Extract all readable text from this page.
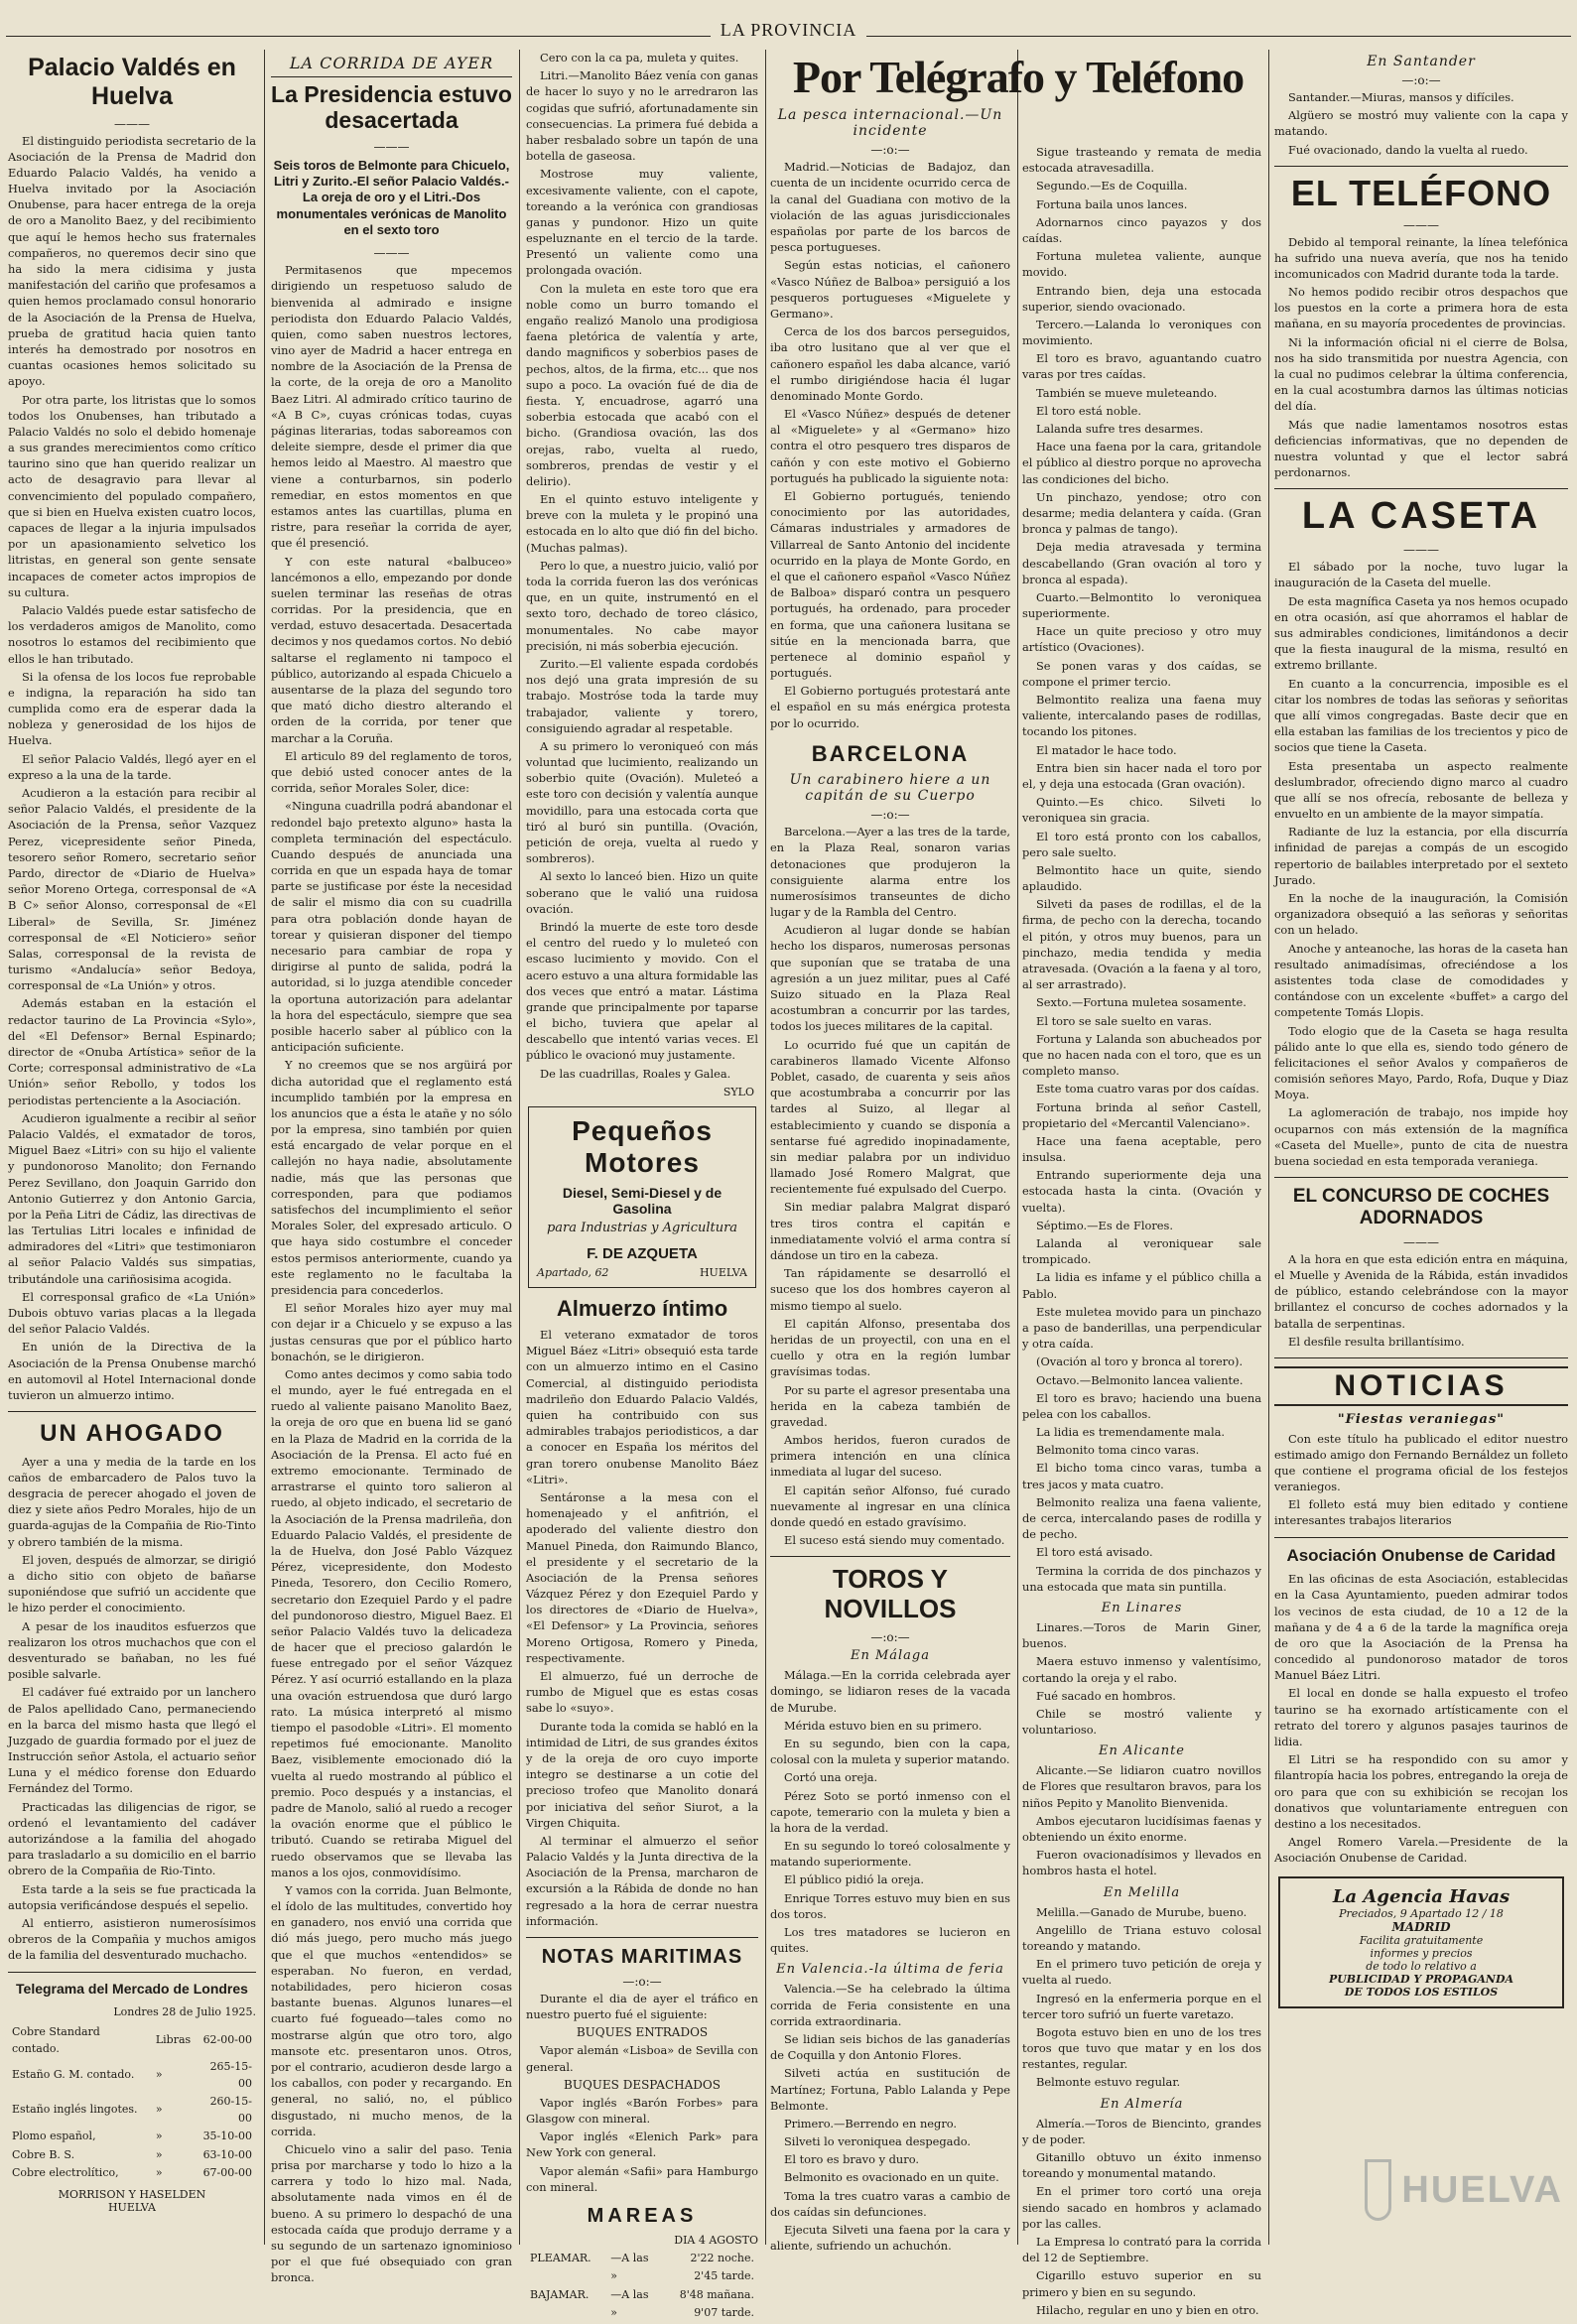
LA PROVINCIA
Palacio Valdés en Huelva
———

El distinguido periodista secretario de la Asociación de la Prensa de Madrid don Eduardo Palacio Valdés, ha venido a Huelva invitado por la Asociación Onubense, para hacer entrega de la oreja de oro a Manolito Baez, y del recibimiento que aquí le hemos hecho sus fraternales compañeros, no queremos decir sino que ha sido la mera cidisima y justa manifestación del cariño que profesamos a quien hemos proclamado consul honorario de la Asociación de la Prensa de Huelva, prueba de gratitud hacia quien tanto interés ha demostrado por nosotros en cuantas ocasiones hemos solicitado su apoyo.

Por otra parte, los litristas que lo somos todos los Onubenses, han tributado a Palacio Valdés no solo el debido homenaje a sus grandes merecimientos como crítico taurino sino que han querido realizar un acto de desagravio para llevar al convencimiento del populado compañero, que si bien en Huelva existen cuatro locos, capaces de llegar a la injuria impulsados por un apasionamiento selvetico los litristas, en general son gente sensate incapaces de cometer actos impropios de su cultura.

Palacio Valdés puede estar satisfecho de los verdaderos amigos de Manolito, como nosotros lo estamos del recibimiento que ellos le han tributado.

Si la ofensa de los locos fue reprobable e indigna, la reparación ha sido tan cumplida como era de esperar dada la nobleza y generosidad de los hijos de Huelva.

El señor Palacio Valdés, llegó ayer en el expreso a la una de la tarde.

Acudieron a la estación para recibir al señor Palacio Valdés, el presidente de la Asociación de la Prensa, señor Vazquez Perez, vicepresidente señor Pineda, tesorero señor Romero, secretario señor Pardo, director de «Diario de Huelva» señor Moreno Ortega, corresponsal de «A B C» señor Alonso, corresponsal de «El Liberal» de Sevilla, Sr. Jiménez corresponsal de «El Noticiero» señor Salas, corresponsal de la revista de turismo «Andalucía» señor Bedoya, corresponsal de «La Unión» y otros.

Además estaban en la estación el redactor taurino de La Provincia «Sylo», del «El Defensor» Bernal Espinardo; director de «Onuba Artística» señor de la Corte; corresponsal administrativo de «La Unión» señor Rebollo, y todos los periodistas pertenciente a la Asociación.

Acudieron igualmente a recibir al señor Palacio Valdés, el exmatador de toros, Miguel Baez «Litri» con su hijo el valiente y pundonoroso Manolito; don Fernando Perez Sevillano, don Joaquin Garrido don Antonio Gutierrez y don Antonio Garcia, por la Peña Litri de Cádiz, las directivas de las Tertulias Litri locales e infinidad de admiradores del «Litri» que testimoniaron al señor Palacio Valdés sus simpatias, tributándole una cariñosisima acogida.

El corresponsal grafico de «La Unión» Dubois obtuvo varias placas a la llegada del señor Palacio Valdés.

En unión de la Directiva de la Asociación de la Prensa Onubense marchó en automovil al Hotel Internacional donde tuvieron un almuerzo intimo.

UN AHOGADO

Ayer a una y media de la tarde en los caños de embarcadero de Palos tuvo la desgracia de perecer ahogado el joven de diez y siete años Pedro Morales, hijo de un guarda-agujas de la Compañia de Rio-Tinto y obrero también de la misma.

El joven, después de almorzar, se dirigió a dicho sitio con objeto de bañarse suponiéndose que sufrió un accidente que le hizo perder el conocimiento.

A pesar de los inauditos esfuerzos que realizaron los otros muchachos que con el desventurado se bañaban, no les fué posible salvarle.

El cadáver fué extraido por un lanchero de Palos apellidado Cano, permaneciendo en la barca del mismo hasta que llegó el Juzgado de guardia formado por el juez de Instrucción señor Astola, el actuario señor Luna y el médico forense don Eduardo Fernández del Tormo.

Practicadas las diligencias de rigor, se ordenó el levantamiento del cadáver autorizándose a la familia del ahogado para trasladarlo a su domicilio en el barrio obrero de la Compañia de Rio-Tinto.

Esta tarde a la seis se fue practicada la autopsia verificándose después el sepelio.

Al entierro, asistieron numerosísimos obreros de la Compañia y muchos amigos de la familia del desventurado muchacho.

Telegrama del Mercado de Londres
Londres 28 de Julio 1925.
Cobre Standard contado.	Libras	62-00-00
Estaño G. M. contado.	»	265-15-00
Estaño inglés lingotes.	»	260-15-00
Plomo español,	»	35-10-00
Cobre B. S.	»	63-10-00
Cobre electrolítico,	»	67-00-00
MORRISON Y HASELDEN
HUELVA
LA CORRIDA DE AYER
La Presidencia estuvo desacertada
———
Seis toros de Belmonte para Chicuelo, Litri y Zurito.-El señor Palacio Valdés.-La oreja de oro y el Litri.-Dos monumentales verónicas de Manolito en el sexto toro
———

Permitasenos que mpecemos dirigiendo un respetuoso saludo de bienvenida al admirado e insigne periodista don Eduardo Palacio Valdés, quien, como saben nuestros lectores, vino ayer de Madrid a hacer entrega en nombre de la Asociación de la Prensa de la corte, de la oreja de oro a Manolito Baez Litri. Al admirado crítico taurino de «A B C», cuyas crónicas todas, cuyas páginas literarias, todas saboreamos con deleite siempre, desde el primer dia que hemos leido al Maestro. Al maestro que viene a conturbarnos, sin poderlo remediar, en estos momentos en que estamos antes las cuartillas, pluma en ristre, para reseñar la corrida de ayer, que él presenció.

Y con este natural «balbuceo» lancémonos a ello, empezando por donde suelen terminar las reseñas de otras corridas. Por la presidencia, que en verdad, estuvo desacertada. Desacertada decimos y nos quedamos cortos. No debió saltarse el reglamento ni tampoco el público, autorizando al espada Chicuelo a ausentarse de la plaza del segundo toro que mató dicho diestro alterando el orden de la corrida, por tener que marchar a la Coruña.

El articulo 89 del reglamento de toros, que debió usted conocer antes de la corrida, señor Morales Soler, dice:

«Ninguna cuadrilla podrá abandonar el redondel bajo pretexto alguno» hasta la completa terminación del espectáculo. Cuando después de anunciada una corrida en que un espada haya de tomar parte se justificase por éste la necesidad de salir el mismo dia con su cuadrilla para otra población donde hayan de torear y quisieran disponer del tiempo necesario para cambiar de ropa y dirigirse al punto de salida, podrá la autoridad, si lo juzga atendible conceder la oportuna autorización para adelantar la hora del espectáculo, siempre que sea posible hacerlo saber al público con la anticipación suficiente.

Y no creemos que se nos argüirá por dicha autoridad que el reglamento está incumplido también por la empresa en los anuncios que a ésta le atañe y no sólo por la empresa, sino también por quien está encargado de velar porque en el callejón no haya nadie, absolutamente nadie, más que las personas que corresponden, para que podiamos satisfechos del incumplimiento el señor Morales Soler, del expresado articulo. O que haya sido costumbre el conceder estos permisos anteriormente, cuando ya este reglamento no le facultaba la presidencia para concederlos.

El señor Morales hizo ayer muy mal con dejar ir a Chicuelo y se expuso a las justas censuras que por el público harto bonachón, se le dirigieron.

Como antes decimos y como sabia todo el mundo, ayer le fué entregada en el ruedo al valiente paisano Manolito Baez, la oreja de oro que en buena lid se ganó en la Plaza de Madrid en la corrida de la Asociación de la Prensa. El acto fué en extremo emocionante. Terminado de arrastrarse el quinto toro salieron al ruedo, al objeto indicado, el secretario de la Asociación de la Prensa madrileña, don Eduardo Palacio Valdés, el presidente de la de Huelva, don José Pablo Vázquez Pérez, vicepresidente, don Modesto Pineda, Tesorero, don Cecilio Romero, secretario don Ezequiel Pardo y el padre del pundonoroso diestro, Miguel Baez. El señor Palacio Valdés tuvo la delicadeza de hacer que el precioso galardón le fuese entregado por el señor Vázquez Pérez. Y así ocurrió estallando en la plaza una ovación estruendosa que duró largo rato. La música interpretó al mismo tiempo el pasodoble «Litri». El momento repetimos fué emocionante. Manolito Baez, visiblemente emocionado dió la vuelta al ruedo mostrando al público el premio. Poco después y a instancias, el padre de Manolo, salió al ruedo a recoger la ovación enorme que el público le tributó. Cuando se retiraba Miguel del ruedo observamos que se llevaba las manos a los ojos, conmovidísimo.

Y vamos con la corrida. Juan Belmonte, el ídolo de las multitudes, convertido hoy en ganadero, nos envió una corrida que dió más juego, pero mucho más juego que el que muchos «entendidos» se esperaban. No fueron, en verdad, notabilidades, pero hicieron cosas bastante buenas. Algunos lunares—el cuarto fué fogueado—tales como no mostrarse algún que otro toro, algo mansote etc. presentaron unos. Otros, por el contrario, acudieron desde largo a los caballos, con poder y recargando. En general, no salió, no, el público disgustado, ni mucho menos, de la corrida.

Chicuelo vino a salir del paso. Tenia prisa por marcharse y todo lo hizo a la carrera y todo lo hizo mal. Nada, absolutamente nada vimos en él de bueno. A su primero lo despachó de una estocada caída que produjo derrame y a su segundo de un sartenazo ignominioso por el que fué obsequiado con gran bronca.

Cero con la ca pa, muleta y quites.

Litri.—Manolito Báez venía con ganas de hacer lo suyo y no le arredraron las cogidas que sufrió, afortunadamente sin consecuencias. La primera fué debida a haber resbalado sobre un tapón de una botella de gaseosa.

Mostrose muy valiente, excesivamente valiente, con el capote, toreando a la verónica con grandiosas ganas y pundonor. Hizo un quite espeluznante en el tercio de la tarde. Presentó un valiente como una prolongada ovación.

Con la muleta en este toro que era noble como un burro tomando el engaño realizó Manolo una prodigiosa faena pletórica de valentía y arte, dando magnificos y soberbios pases de pechos, altos, de la firma, etc... que nos supo a poco. La ovación fué de dia de fiesta. Y, encuadrose, agarró una soberbia estocada que acabó con el bicho. (Grandiosa ovación, las dos orejas, rabo, vuelta al ruedo, sombreros, prendas de vestir y el delirio).

En el quinto estuvo inteligente y breve con la muleta y le propinó una estocada en lo alto que dió fin del bicho. (Muchas palmas).

Pero lo que, a nuestro juicio, valió por toda la corrida fueron las dos verónicas que, en un quite, instrumentó en el sexto toro, dechado de toreo clásico, monumentales. No cabe mayor precisión, ni más soberbia ejecución.

Zurito.—El valiente espada cordobés nos dejó una grata impresión de su trabajo. Mostróse toda la tarde muy trabajador, valiente y torero, consiguiendo agradar al respetable.

A su primero lo veroniqueó con más voluntad que lucimiento, realizando un soberbio quite (Ovación). Muleteó a este toro con decisión y valentía aunque movidillo, para una estocada corta que tiró al buró sin puntilla. (Ovación, petición de oreja, vuelta al ruedo y sombreros).

Al sexto lo lanceó bien. Hizo un quite soberano que le valió una ruidosa ovación.

Brindó la muerte de este toro desde el centro del ruedo y lo muleteó con escaso lucimiento y movido. Con el acero estuvo a una altura formidable las dos veces que entró a matar. Lástima grande que principalmente por taparse el bicho, tuviera que apelar al descabello que intentó varias veces. El público le ovacionó muy justamente.

De las cuadrillas, Roales y Galea.

SYLO
Pequeños Motores
Diesel, Semi-Diesel y de Gasolina
para Industrias y Agricultura
F. DE AZQUETA
Apartado, 62	HUELVA
Almuerzo íntimo

El veterano exmatador de toros Miguel Báez «Litri» obsequió esta tarde con un almuerzo intimo en el Casino Comercial, al distinguido periodista madrileño don Eduardo Palacio Valdés, quien ha contribuido con sus admirables trabajos periodisticos, a dar a conocer en España los méritos del gran torero onubense Manolito Báez «Litri».

Sentáronse a la mesa con el homenajeado y el anfitrión, el apoderado del valiente diestro don Manuel Pineda, don Raimundo Blanco, el presidente y el secretario de la Asociación de la Prensa señores Vázquez Pérez y don Ezequiel Pardo y los directores de «Diario de Huelva», «El Defensor» y La Provincia, señores Moreno Ortigosa, Romero y Pineda, respectivamente.

El almuerzo, fué un derroche de rumbo de Miguel que es estas cosas sabe lo «suyo».

Durante toda la comida se habló en la intimidad de Litri, de sus grandes éxitos y de la oreja de oro cuyo importe integro se destinarse a un cotie del precioso trofeo que Manolito donará por iniciativa del señor Siurot, a la Virgen Chiquita.

Al terminar el almuerzo el señor Palacio Valdés y la Junta directiva de la Asociación de la Prensa, marcharon de excursión a la Rábida de donde no han regresado a la hora de cerrar nuestra información.

NOTAS MARITIMAS
—:o:—

Durante el dia de ayer el tráfico en nuestro puerto fué el siguiente:

BUQUES ENTRADOS

Vapor alemán «Lisboa» de Sevilla con general.

BUQUES DESPACHADOS

Vapor inglés «Barón Forbes» para Glasgow con mineral.

Vapor inglés «Elenich Park» para New York con general.

Vapor alemán «Safii» para Hamburgo con mineral.

MAREAS
DIA 4 AGOSTO
PLEAMAR.	—A las	2'22 noche.
	»	2'45 tarde.
BAJAMAR.	—A las	8'48 mañana.
	»	9'07 tarde.
Por Telégrafo y Teléfono
La pesca internacional.—Un incidente
—:o:—

Madrid.—Noticias de Badajoz, dan cuenta de un incidente ocurrido cerca de la canal del Guadiana con motivo de la violación de las aguas jurisdiccionales españolas por parte de los barcos de pesca portugueses.

Según estas noticias, el cañonero «Vasco Núñez de Balboa» persiguió a los pesqueros portugueses «Miguelete y Germano».

Cerca de los dos barcos perseguidos, iba otro lusitano que al ver que el cañonero español les daba alcance, varió el rumbo dirigiéndose hacia él lugar denominado Monte Gordo.

El «Vasco Núñez» después de detener al «Miguelete» y al «Germano» hizo contra el otro pesquero tres disparos de cañón y con este motivo el Gobierno portugués ha publicado la siguiente nota:

El Gobierno portugués, teniendo conocimiento por las autoridades, Cámaras industriales y armadores de Villarreal de Santo Antonio del incidente ocurrido en la playa de Monte Gordo, en el que el cañonero español «Vasco Núñez de Balboa» disparó contra un pesquero portugués, ha ordenado, para proceder en forma, que una cañonera lusitana se sitúe en la mencionada barra, que pertenece al dominio español y portugués.

El Gobierno portugués protestará ante el español en su más enérgica protesta por lo ocurrido.

BARCELONA
Un carabinero hiere a un capitán de su Cuerpo
—:o:—

Barcelona.—Ayer a las tres de la tarde, en la Plaza Real, sonaron varias detonaciones que produjeron la consiguiente alarma entre los numerosísimos transeuntes de dicho lugar y de la Rambla del Centro.

Acudieron al lugar donde se habían hecho los disparos, numerosas personas que suponían que se trataba de una agresión a un juez militar, pues al Café Suizo situado en la Plaza Real acostumbran a concurrir por las tardes, todos los jueces militares de la capital.

Lo ocurrido fué que un capitán de carabineros llamado Vicente Alfonso Poblet, casado, de cuarenta y seis años que acostumbraba a concurrir por las tardes al Suizo, al llegar al establecimiento y cuando se disponía a sentarse fué agredido inopinadamente, sin mediar palabra por un individuo llamado José Romero Malgrat, que recientemente fué expulsado del Cuerpo.

Sin mediar palabra Malgrat disparó tres tiros contra el capitán e inmediatamente volvió el arma contra sí dándose un tiro en la cabeza.

Tan rápidamente se desarrolló el suceso que los dos hombres cayeron al mismo tiempo al suelo.

El capitán Alfonso, presentaba dos heridas de un proyectil, con una en el cuello y otra en la región lumbar gravísimas todas.

Por su parte el agresor presentaba una herida en la cabeza también de gravedad.

Ambos heridos, fueron curados de primera intención en una clínica inmediata al lugar del suceso.

El capitán señor Alfonso, fué curado nuevamente al ingresar en una clínica donde quedó en estado gravísimo.

El suceso está siendo muy comentado.

TOROS Y NOVILLOS
—:o:—
En Málaga

Málaga.—En la corrida celebrada ayer domingo, se lidiaron reses de la vacada de Murube.

Mérida estuvo bien en su primero.

En su segundo, bien con la capa, colosal con la muleta y superior matando.

Cortó una oreja.

Pérez Soto se portó inmenso con el capote, temerario con la muleta y bien a la hora de la verdad.

En su segundo lo toreó colosalmente y matando superiormente.

El público pidió la oreja.

Enrique Torres estuvo muy bien en sus dos toros.

Los tres matadores se lucieron en quites.

En Valencia.-la última de feria

Valencia.—Se ha celebrado la última corrida de Feria consistente en una corrida extraordinaria.

Se lidian seis bichos de las ganaderías de Coquilla y don Antonio Flores.

Silveti actúa en sustitución de Martínez; Fortuna, Pablo Lalanda y Pepe Belmonte.

Primero.—Berrendo en negro.

Silveti lo veroniquea despegado.

El toro es bravo y duro.

Belmonito es ovacionado en un quite.

Toma la tres cuatro varas a cambio de dos caídas sin defunciones.

Ejecuta Silveti una faena por la cara y aliente, sufriendo un achuchón.

Sigue trasteando y remata de media estocada atravesadilla.

Segundo.—Es de Coquilla.

Fortuna baila unos lances.

Adornarnos cinco payazos y dos caídas.

Fortuna muletea valiente, aunque movido.

Entrando bien, deja una estocada superior, siendo ovacionado.

Tercero.—Lalanda lo veroniques con movimiento.

El toro es bravo, aguantando cuatro varas por tres caídas.

También se mueve muleteando.

El toro está noble.

Lalanda sufre tres desarmes.

Hace una faena por la cara, gritandole el público al diestro porque no aprovecha las condiciones del bicho.

Un pinchazo, yendose; otro con desarme; media delantera y caída. (Gran bronca y palmas de tango).

Deja media atravesada y termina descabellando (Gran ovación al toro y bronca al espada).

Cuarto.—Belmontito lo veroniquea superiormente.

Hace un quite precioso y otro muy artístico (Ovaciones).

Se ponen varas y dos caídas, se compone el primer tercio.

Belmontito realiza una faena muy valiente, intercalando pases de rodillas, tocando los pitones.

El matador le hace todo.

Entra bien sin hacer nada el toro por el, y deja una estocada (Gran ovación).

Quinto.—Es chico. Silveti lo veroniquea sin gracia.

El toro está pronto con los caballos, pero sale suelto.

Belmontito hace un quite, siendo aplaudido.

Silveti da pases de rodillas, el de la firma, de pecho con la derecha, tocando el pitón, y otros muy buenos, para un pinchazo, media tendida y media atravesada. (Ovación a la faena y al toro, al ser arrastrado).

Sexto.—Fortuna muletea sosamente.

El toro se sale suelto en varas.

Fortuna y Lalanda son abucheados por que no hacen nada con el toro, que es un completo manso.

Este toma cuatro varas por dos caídas.

Fortuna brinda al señor Castell, propietario del «Mercantil Valenciano».

Hace una faena aceptable, pero insulsa.

Entrando superiormente deja una estocada hasta la cinta. (Ovación y vuelta).

Séptimo.—Es de Flores.

Lalanda al veroniquear sale trompicado.

La lidia es infame y el público chilla a Pablo.

Este muletea movido para un pinchazo a paso de banderillas, una perpendicular y otra caída.

(Ovación al toro y bronca al torero).

Octavo.—Belmonito lancea valiente.

El toro es bravo; haciendo una buena pelea con los caballos.

La lidia es tremendamente mala.

Belmonito toma cinco varas.

El bicho toma cinco varas, tumba a tres jacos y mata cuatro.

Belmonito realiza una faena valiente, de cerca, intercalando pases de rodilla y de pecho.

El toro está avisado.

Termina la corrida de dos pinchazos y una estocada que mata sin puntilla.

En Linares

Linares.—Toros de Marin Giner, buenos.

Maera estuvo inmenso y valentísimo, cortando la oreja y el rabo.

Fué sacado en hombros.

Chile se mostró valiente y voluntarioso.

En Alicante

Alicante.—Se lidiaron cuatro novillos de Flores que resultaron bravos, para los niños Pepito y Manolito Bienvenida.

Ambos ejecutaron lucidísimas faenas y obteniendo un éxito enorme.

Fueron ovacionadísimos y llevados en hombros hasta el hotel.

En Melilla

Melilla.—Ganado de Murube, bueno.

Angelillo de Triana estuvo colosal toreando y matando.

En el primero tuvo petición de oreja y vuelta al ruedo.

Ingresó en la enfermeria porque en el tercer toro sufrió un fuerte varetazo.

Bogota estuvo bien en uno de los tres toros que tuvo que matar y en los dos restantes, regular.

Belmonte estuvo regular.

En Almería

Almería.—Toros de Biencinto, grandes y de poder.

Gitanillo obtuvo un éxito inmenso toreando y monumental matando.

En el primer toro cortó una oreja siendo sacado en hombros y aclamado por las calles.

La Empresa lo contrató para la corrida del 12 de Septiembre.

Cigarillo estuvo superior en su primero y bien en su segundo.

Hilacho, regular en uno y bien en otro.

En Santander
—:o:—

Santander.—Miuras, mansos y difíciles.

Algüero se mostró muy valiente con la capa y matando.

Fué ovacionado, dando la vuelta al ruedo.

EL TELÉFONO
———

Debido al temporal reinante, la línea telefónica ha sufrido una nueva avería, que nos ha tenido incomunicados con Madrid durante toda la tarde.

No hemos podido recibir otros despachos que los puestos en la corte a primera hora de esta mañana, en su mayoría procedentes de provincias.

Ni la información oficial ni el cierre de Bolsa, nos ha sido transmitida por nuestra Agencia, con la cual no pudimos celebrar la última conferencia, en la cual acostumbra darnos las últimas noticias del día.

Más que nadie lamentamos nosotros estas deficiencias informativas, que no dependen de nuestra voluntad y que el lector sabrá perdonarnos.

LA CASETA
———

El sábado por la noche, tuvo lugar la inauguración de la Caseta del muelle.

De esta magnífica Caseta ya nos hemos ocupado en otra ocasión, así que ahorramos el hablar de sus admirables condiciones, limitándonos a decir que la fiesta inaugural de la misma, resultó en extremo brillante.

En cuanto a la concurrencia, imposible es el citar los nombres de todas las señoras y señoritas que allí vimos congregadas. Baste decir que en ella estaban las familias de los trecientos y pico de socios que tiene la Caseta.

Esta presentaba un aspecto realmente deslumbrador, ofreciendo digno marco al cuadro que allí se nos ofrecía, rebosante de belleza y envuelto en un ambiente de la mayor simpatía.

Radiante de luz la estancia, por ella discurría infinidad de parejas a compás de un escogido repertorio de bailables interpretado por el sexteto Jurado.

En la noche de la inauguración, la Comisión organizadora obsequió a las señoras y señoritas con un helado.

Anoche y anteanoche, las horas de la caseta han resultado animadísimas, ofreciéndose a los asistentes toda clase de comodidades y contándose con un excelente «buffet» a cargo del competente Tomás Llopis.

Todo elogio que de la Caseta se haga resulta pálido ante lo que ella es, siendo todo género de felicitaciones el señor Avalos y compañeros de comisión señores Mayo, Pardo, Rofa, Duque y Diaz Moya.

La aglomeración de trabajo, nos impide hoy ocuparnos con más extensión de la magnífica «Caseta del Muelle», punto de cita de nuestra buena sociedad en esta temporada veraniega.

EL CONCURSO DE COCHES ADORNADOS
———

A la hora en que esta edición entra en máquina, el Muelle y Avenida de la Rábida, están invadidos de público, estando celebrándose con la mayor brillantez el concurso de coches adornados y la batalla de serpentinas.

El desfile resulta brillantísimo.

NOTICIAS
"Fiestas veraniegas"

Con este título ha publicado el editor nuestro estimado amigo don Fernando Bernáldez un folleto que contiene el programa oficial de los festejos veraniegos.

El folleto está muy bien editado y contiene interesantes trabajos literarios

Asociación Onubense de Caridad

En las oficinas de esta Asociación, establecidas en la Casa Ayuntamiento, pueden admirar todos los vecinos de esta ciudad, de 10 a 12 de la mañana y de 4 a 6 de la tarde la magnífica oreja de oro que la Asociación de la Prensa ha concedido al pundonoroso matador de toros Manuel Báez Litri.

El local en donde se halla expuesto el trofeo taurino se ha exornado artísticamente con el retrato del torero y algunos pasajes taurinos de lidia.

El Litri se ha respondido con su amor y filantropía hacia los pobres, entregando la oreja de oro para que con su exhibición se recojan los donativos que voluntariamente entreguen con destino a los necesitados.

Angel Romero Varela.—Presidente de la Asociación Onubense de Caridad.

La Agencia Havas
Preciados, 9 Apartado 12 / 18
MADRID
Facilita gratuitamente
informes y precios
de todo lo relativo a
PUBLICIDAD Y PROPAGANDA
DE TODOS LOS ESTILOS
HUELVA
